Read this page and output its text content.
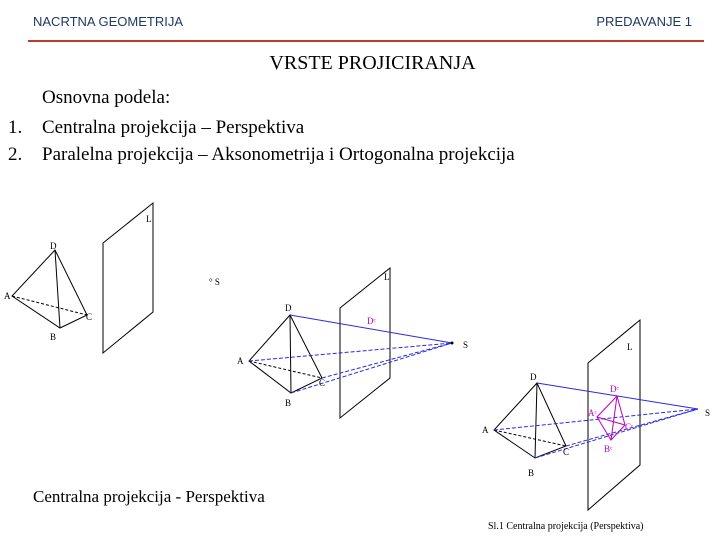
NACRTNA GEOMETRIJA	PREDAVANJE 1
VRSTE PROJICIRANJA
Osnovna podela:
1. Centralna projekcija – Perspektiva
2. Paralelna projekcija – Aksonometrija i Ortogonalna projekcija
D
A
C
B
L
° S
D
A
C
B
L
S
Dᶜ
D
A
C
B
L
S
Dᶜ
Aᶜ
Cᶜ
Bᶜ
Centralna projekcija - Perspektiva
Sl.1 Centralna projekcija (Perspektiva)
